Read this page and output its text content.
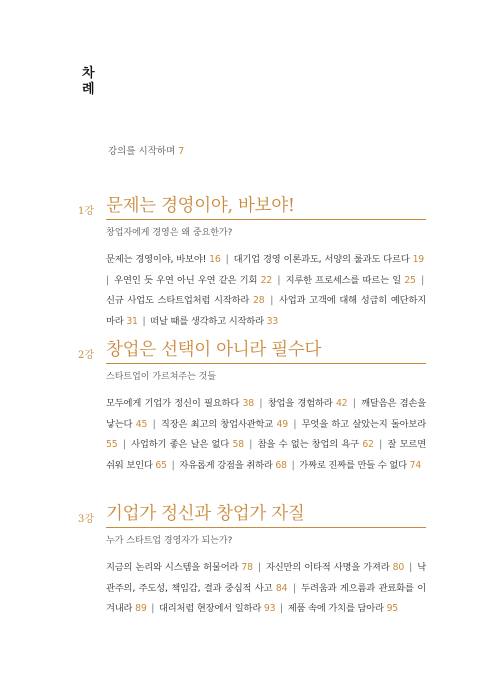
차
례
강의를 시작하며 7
1강 문제는 경영이야, 바보야!
창업자에게 경영은 왜 중요한가?
문제는 경영이야, 바보야! 16 | 대기업 경영 이론과도, 서양의 룰과도 다르다 19 | 우연인 듯 우연 아닌 우연 같은 기회 22 | 지루한 프로세스를 따르는 일 25 | 신규 사업도 스타트업처럼 시작하라 28 | 사업과 고객에 대해 성급히 예단하지 마라 31 | 떠날 때를 생각하고 시작하라 33
2강 창업은 선택이 아니라 필수다
스타트업이 가르쳐주는 것들
모두에게 기업가 정신이 필요하다 38 | 창업을 경험하라 42 | 깨달음은 겸손을 낳는다 45 | 직장은 최고의 창업사관학교 49 | 무엇을 하고 살았는지 돌아보라 55 | 사업하기 좋은 날은 없다 58 | 참을 수 없는 창업의 욕구 62 | 잘 모르면 쉬워 보인다 65 | 자유롭게 강점을 취하라 68 | 가짜로 진짜를 만들 수 없다 74
3강 기업가 정신과 창업가 자질
누가 스타트업 경영자가 되는가?
지금의 논리와 시스템을 허물어라 78 | 자신만의 이타적 사명을 가져라 80 | 낙관주의, 주도성, 책임감, 결과 중심적 사고 84 | 두려움과 게으름과 관료화를 이겨내라 89 | 대리처럼 현장에서 일하라 93 | 제품 속에 가치를 담아라 95
